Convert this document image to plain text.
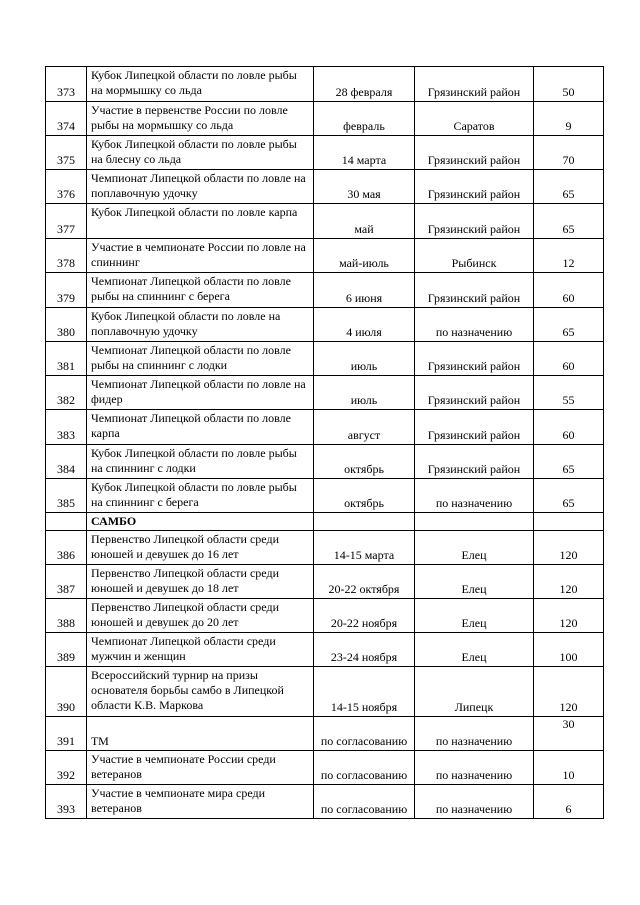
373	Кубок Липецкой области по ловле рыбы на мормышку со льда	28 февраля	Грязинский район	50
374	Участие в первенстве России по ловле рыбы на мормышку со льда	февраль	Саратов	9
375	Кубок Липецкой области по ловле рыбы на блесну со льда	14 марта	Грязинский район	70
376	Чемпионат Липецкой области по ловле на поплавочную удочку	30 мая	Грязинский район	65
377	Кубок Липецкой области по ловле карпа	май	Грязинский район	65
378	Участие в чемпионате России по ловле на спиннинг	май-июль	Рыбинск	12
379	Чемпионат Липецкой области по ловле рыбы на спиннинг с берега	6 июня	Грязинский район	60
380	Кубок Липецкой области по ловле на поплавочную удочку	4 июля	по назначению	65
381	Чемпионат Липецкой области по ловле рыбы на спиннинг с лодки	июль	Грязинский район	60
382	Чемпионат Липецкой области по ловле на фидер	июль	Грязинский район	55
383	Чемпионат Липецкой области по ловле карпа	август	Грязинский район	60
384	Кубок Липецкой области по ловле рыбы на спиннинг с лодки	октябрь	Грязинский район	65
385	Кубок Липецкой области по ловле рыбы на спиннинг с берега	октябрь	по назначению	65
	САМБО			
386	Первенство Липецкой области среди юношей и девушек до 16 лет	14-15 марта	Елец	120
387	Первенство Липецкой области среди юношей и девушек до 18 лет	20-22 октября	Елец	120
388	Первенство Липецкой области среди юношей и девушек до 20 лет	20-22 ноября	Елец	120
389	Чемпионат Липецкой области среди мужчин и женщин	23-24 ноября	Елец	100
390	Всероссийский турнир на призы основателя борьбы самбо в Липецкой области К.В. Маркова	14-15 ноября	Липецк	120
391	ТМ	по согласованию	по назначению	30
392	Участие в чемпионате России среди ветеранов	по согласованию	по назначению	10
393	Участие в чемпионате мира среди ветеранов	по согласованию	по назначению	6
